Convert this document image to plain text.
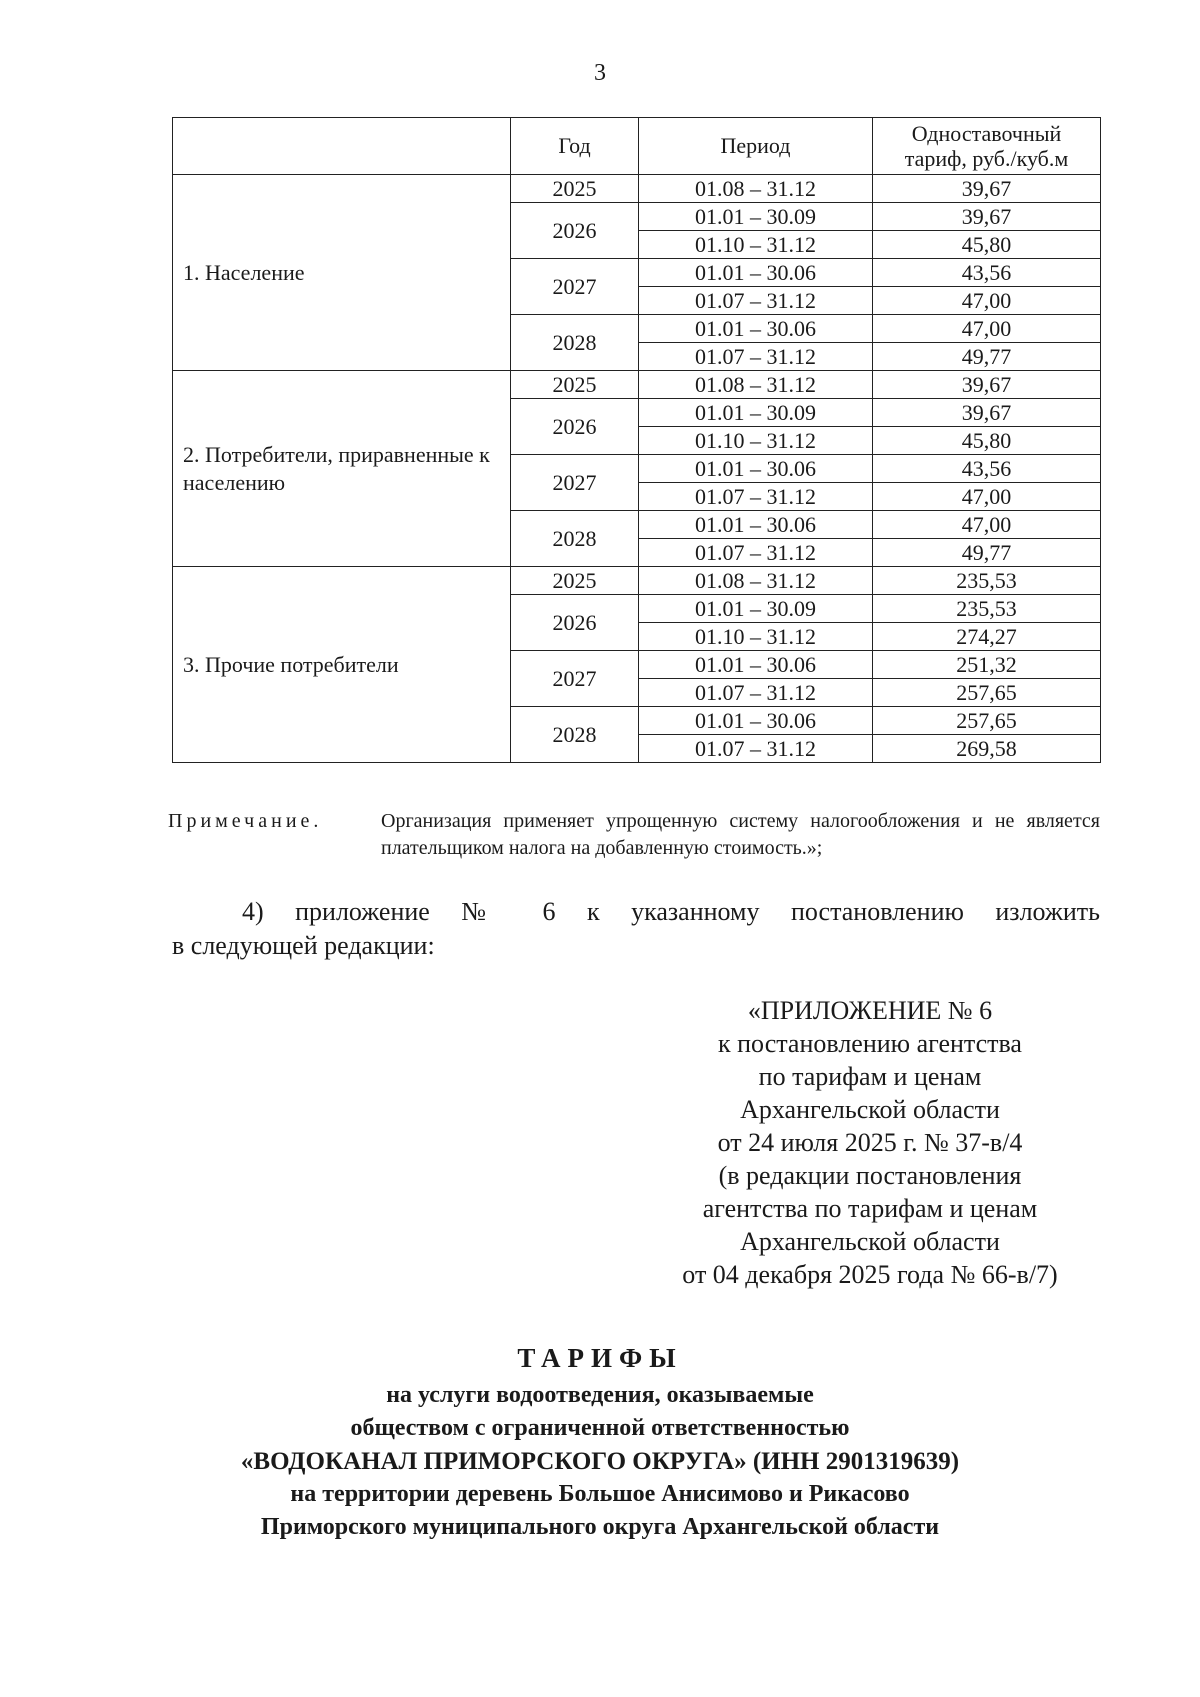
3
	Год	Период	Одноставочный тариф, руб./куб.м
1. Население	2025	01.08 – 31.12	39,67
	2026	01.01 – 30.09	39,67
		01.10 – 31.12	45,80
	2027	01.01 – 30.06	43,56
		01.07 – 31.12	47,00
	2028	01.01 – 30.06	47,00
		01.07 – 31.12	49,77
2. Потребители, приравненные к населению	2025	01.08 – 31.12	39,67
	2026	01.01 – 30.09	39,67
		01.10 – 31.12	45,80
	2027	01.01 – 30.06	43,56
		01.07 – 31.12	47,00
	2028	01.01 – 30.06	47,00
		01.07 – 31.12	49,77
3. Прочие потребители	2025	01.08 – 31.12	235,53
	2026	01.01 – 30.09	235,53
		01.10 – 31.12	274,27
	2027	01.01 – 30.06	251,32
		01.07 – 31.12	257,65
	2028	01.01 – 30.06	257,65
		01.07 – 31.12	269,58
Примечание.	Организация применяет упрощенную систему налогообложения и не является плательщиком налога на добавленную стоимость.»;
4) приложение № 6 к указанному постановлению изложить
в следующей редакции:
«ПРИЛОЖЕНИЕ № 6
к постановлению агентства
по тарифам и ценам
Архангельской области
от 24 июля 2025 г. № 37-в/4
(в редакции постановления
агентства по тарифам и ценам
Архангельской области
от 04 декабря 2025 года № 66-в/7)
ТАРИФЫ
на услуги водоотведения, оказываемые
обществом с ограниченной ответственностью
«ВОДОКАНАЛ ПРИМОРСКОГО ОКРУГА» (ИНН 2901319639)
на территории деревень Большое Анисимово и Рикасово
Приморского муниципального округа Архангельской области
